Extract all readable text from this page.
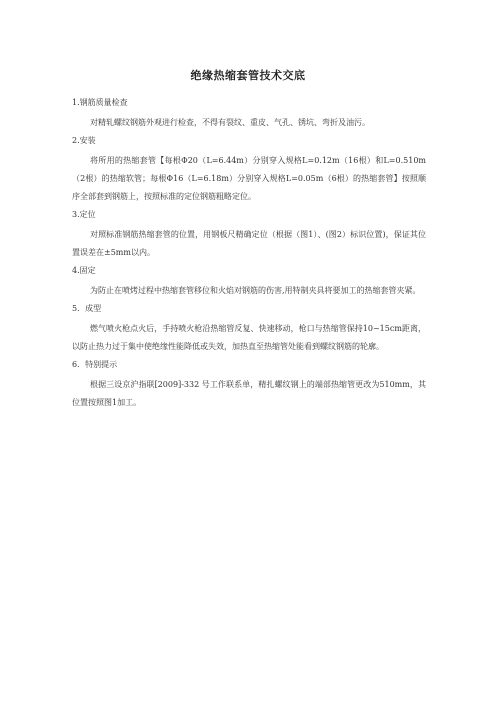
绝缘热缩套管技术交底
1.钢筋质量检查
对精轧螺纹钢筋外观进行检查，不得有裂纹、重皮、气孔、锈坑、弯折及油污。
2.安装
将所用的热缩套管【每根Φ20（L=6.44m）分别穿入规格L=0.12m（16根）和L=0.510m（2根）的热缩软管；每根Φ16（L=6.18m）分别穿入规格L=0.05m（6根）的热缩套管】按照顺序全部套到钢筋上，按照标准的定位钢筋粗略定位。
3.定位
对照标准钢筋热缩套管的位置，用钢板尺精确定位（根据（图1）、(图2）标识位置)，保证其位置误差在±5mm以内。
4.固定
为防止在喷烤过程中热缩套管移位和火焰对钢筋的伤害,用特制夹具将要加工的热缩套管夹紧。
5．成型
燃气喷火枪点火后，手持喷火枪沿热缩管反复、快速移动，枪口与热缩管保持10~15cm距离，以防止热力过于集中使绝缘性能降低或失效，加热直至热缩管处能看到螺纹钢筋的轮廓。
6．特别提示
根据三设京沪指联[2009]-332 号工作联系单，精扎螺纹钢上的端部热缩管更改为510mm，其位置按照图1加工。
